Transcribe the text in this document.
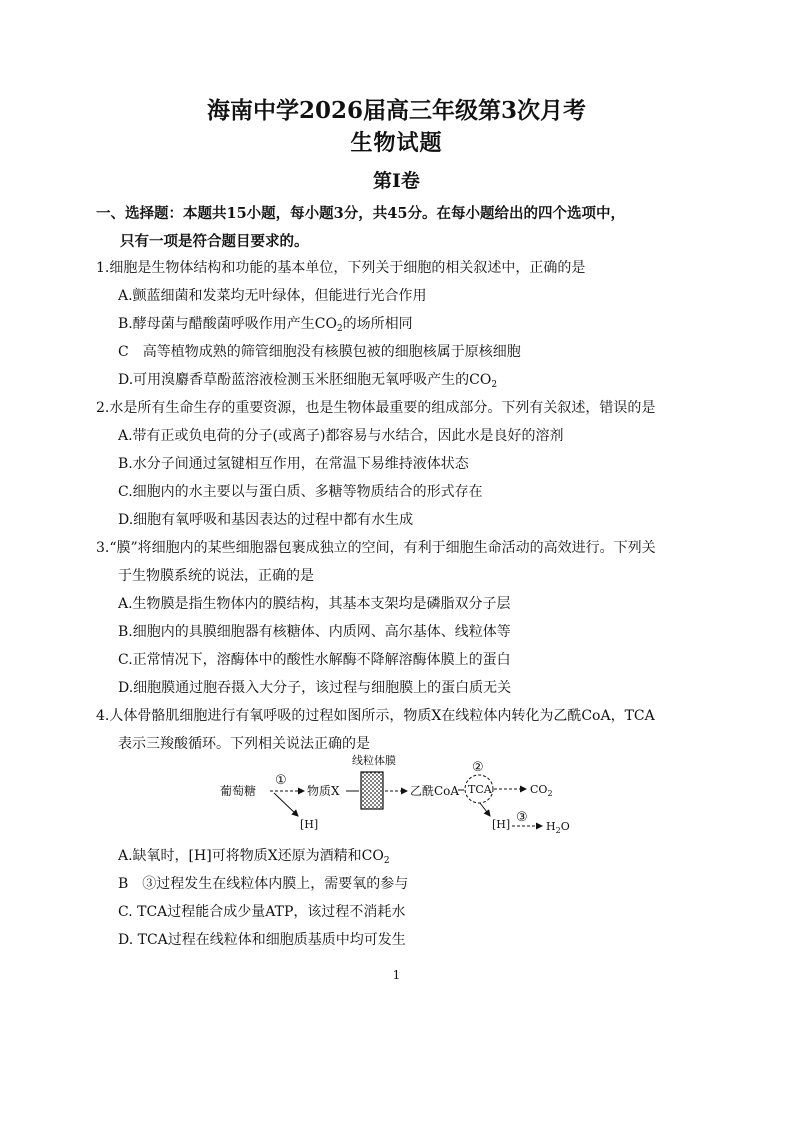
海南中学2026届高三年级第3次月考
生物试题
第Ⅰ卷
一、选择题：本题共15小题，每小题3分，共45分。在每小题给出的四个选项中，
只有一项是符合题目要求的。
1.细胞是生物体结构和功能的基本单位，下列关于细胞的相关叙述中，正确的是
A.颤蓝细菌和发菜均无叶绿体，但能进行光合作用
B.酵母菌与醋酸菌呼吸作用产生$CO_2$的场所相同
C　高等植物成熟的筛管细胞没有核膜包被的细胞核属于原核细胞
D.可用溴麝香草酚蓝溶液检测玉米胚细胞无氧呼吸产生的$CO_2$
2.水是所有生命生存的重要资源，也是生物体最重要的组成部分。下列有关叙述，错误的是
A.带有正或负电荷的分子(或离子)都容易与水结合，因此水是良好的溶剂
B.水分子间通过氢键相互作用，在常温下易维持液体状态
C.细胞内的水主要以与蛋白质、多糖等物质结合的形式存在
D.细胞有氧呼吸和基因表达的过程中都有水生成
3.“膜”将细胞内的某些细胞器包裹成独立的空间，有利于细胞生命活动的高效进行。下列关
于生物膜系统的说法，正确的是
A.生物膜是指生物体内的膜结构，其基本支架均是磷脂双分子层
B.细胞内的具膜细胞器有核糖体、内质网、高尔基体、线粒体等
C.正常情况下，溶酶体中的酸性水解酶不降解溶酶体膜上的蛋白
D.细胞膜通过胞吞摄入大分子，该过程与细胞膜上的蛋白质无关
4.人体骨骼肌细胞进行有氧呼吸的过程如图所示，物质X在线粒体内转化为乙酰CoA，TCA
表示三羧酸循环。下列相关说法正确的是
葡萄糖
①
[H]
物质X
线粒体膜
乙酰CoA
②
TCA	$CO_2$
[H] ③
$H_2O$
A.缺氧时，[H]可将物质X还原为酒精和$CO_2$
B　③过程发生在线粒体内膜上，需要氧的参与
C. TCA过程能合成少量ATP，该过程不消耗水
D. TCA过程在线粒体和细胞质基质中均可发生
1
